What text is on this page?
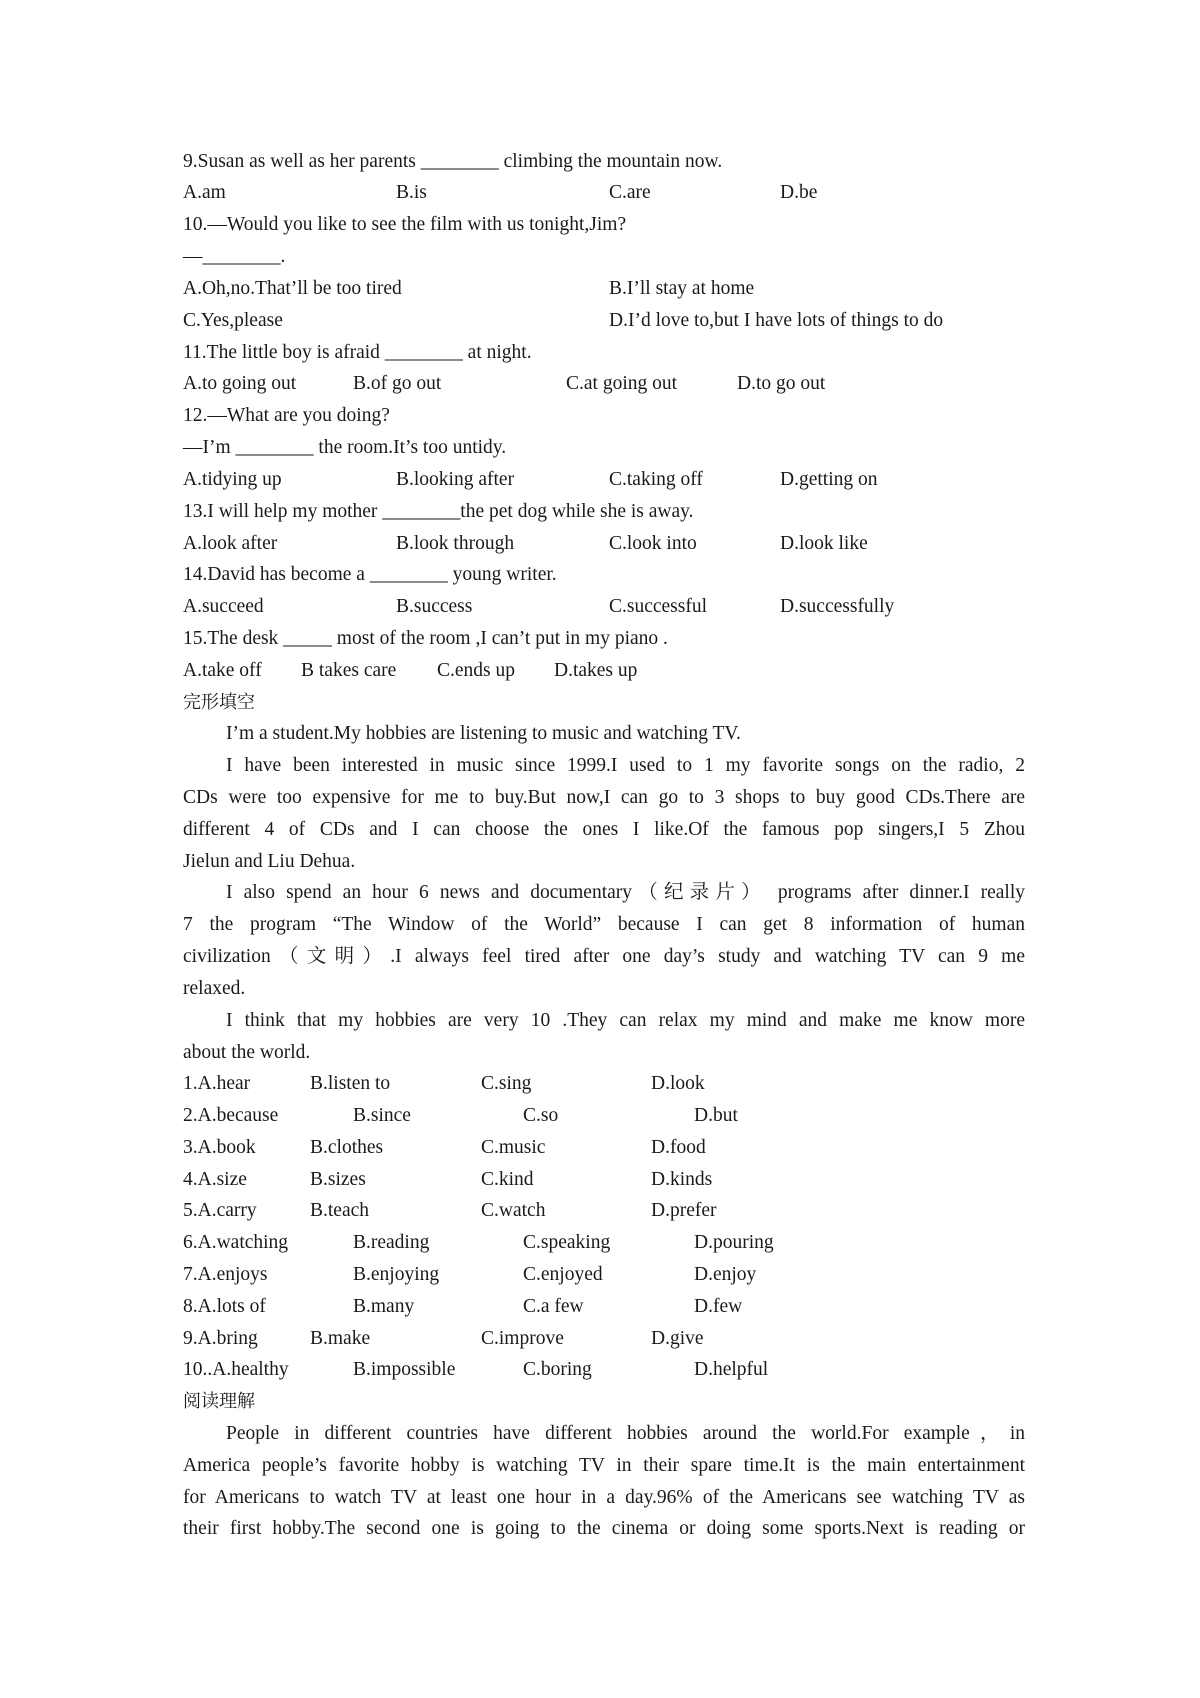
9.Susan as well as her parents ________ climbing the mountain now.
A.am	B.is	C.are	D.be
10.—Would you like to see the film with us tonight,Jim?
—________.
A.Oh,no.That’ll be too tired	B.I’ll stay at home
C.Yes,please	D.I’d love to,but I have lots of things to do
11.The little boy is afraid ________ at night.
A.to going out	B.of go out	C.at going out	D.to go out
12.—What are you doing?
—I’m ________ the room.It’s too untidy.
A.tidying up	B.looking after	C.taking off	D.getting on
13.I will help my mother ________the pet dog while she is away.
A.look after	B.look through	C.look into	D.look like
14.David has become a ________ young writer.
A.succeed	B.success	C.successful	D.successfully
15.The desk _____ most of the room ,I can’t put in my piano .
A.take off B takes care C.ends up D.takes up
完形填空
I’m a student.My hobbies are listening to music and watching TV.
I have been interested in music since 1999.I used to 1 my favorite songs on the radio, 2
CDs were too expensive for me to buy.But now,I can go to 3 shops to buy good CDs.There are
different 4 of CDs and I can choose the ones I like.Of the famous pop singers,I 5 Zhou
Jielun and Liu Dehua.
I also spend an hour 6 news and documentary（纪录片） programs after dinner.I really
7 the program “The Window of the World” because I can get 8 information of human
civilization（文明）.I always feel tired after one day’s study and watching TV can 9 me
relaxed.
I think that my hobbies are very 10 .They can relax my mind and make me know more
about the world.
1.A.hear	B.listen to	C.sing	D.look
2.A.because	B.since	C.so	D.but
3.A.book	B.clothes	C.music	D.food
4.A.size	B.sizes	C.kind	D.kinds
5.A.carry	B.teach	C.watch	D.prefer
6.A.watching	B.reading	C.speaking	D.pouring
7.A.enjoys	B.enjoying	C.enjoyed	D.enjoy
8.A.lots of	B.many	C.a few	D.few
9.A.bring	B.make	C.improve	D.give
10..A.healthy	B.impossible	C.boring	D.helpful
阅读理解
People in different countries have different hobbies around the world.For example，in
America people’s favorite hobby is watching TV in their spare time.It is the main entertainment
for Americans to watch TV at least one hour in a day.96% of the Americans see watching TV as
their first hobby.The second one is going to the cinema or doing some sports.Next is reading or
